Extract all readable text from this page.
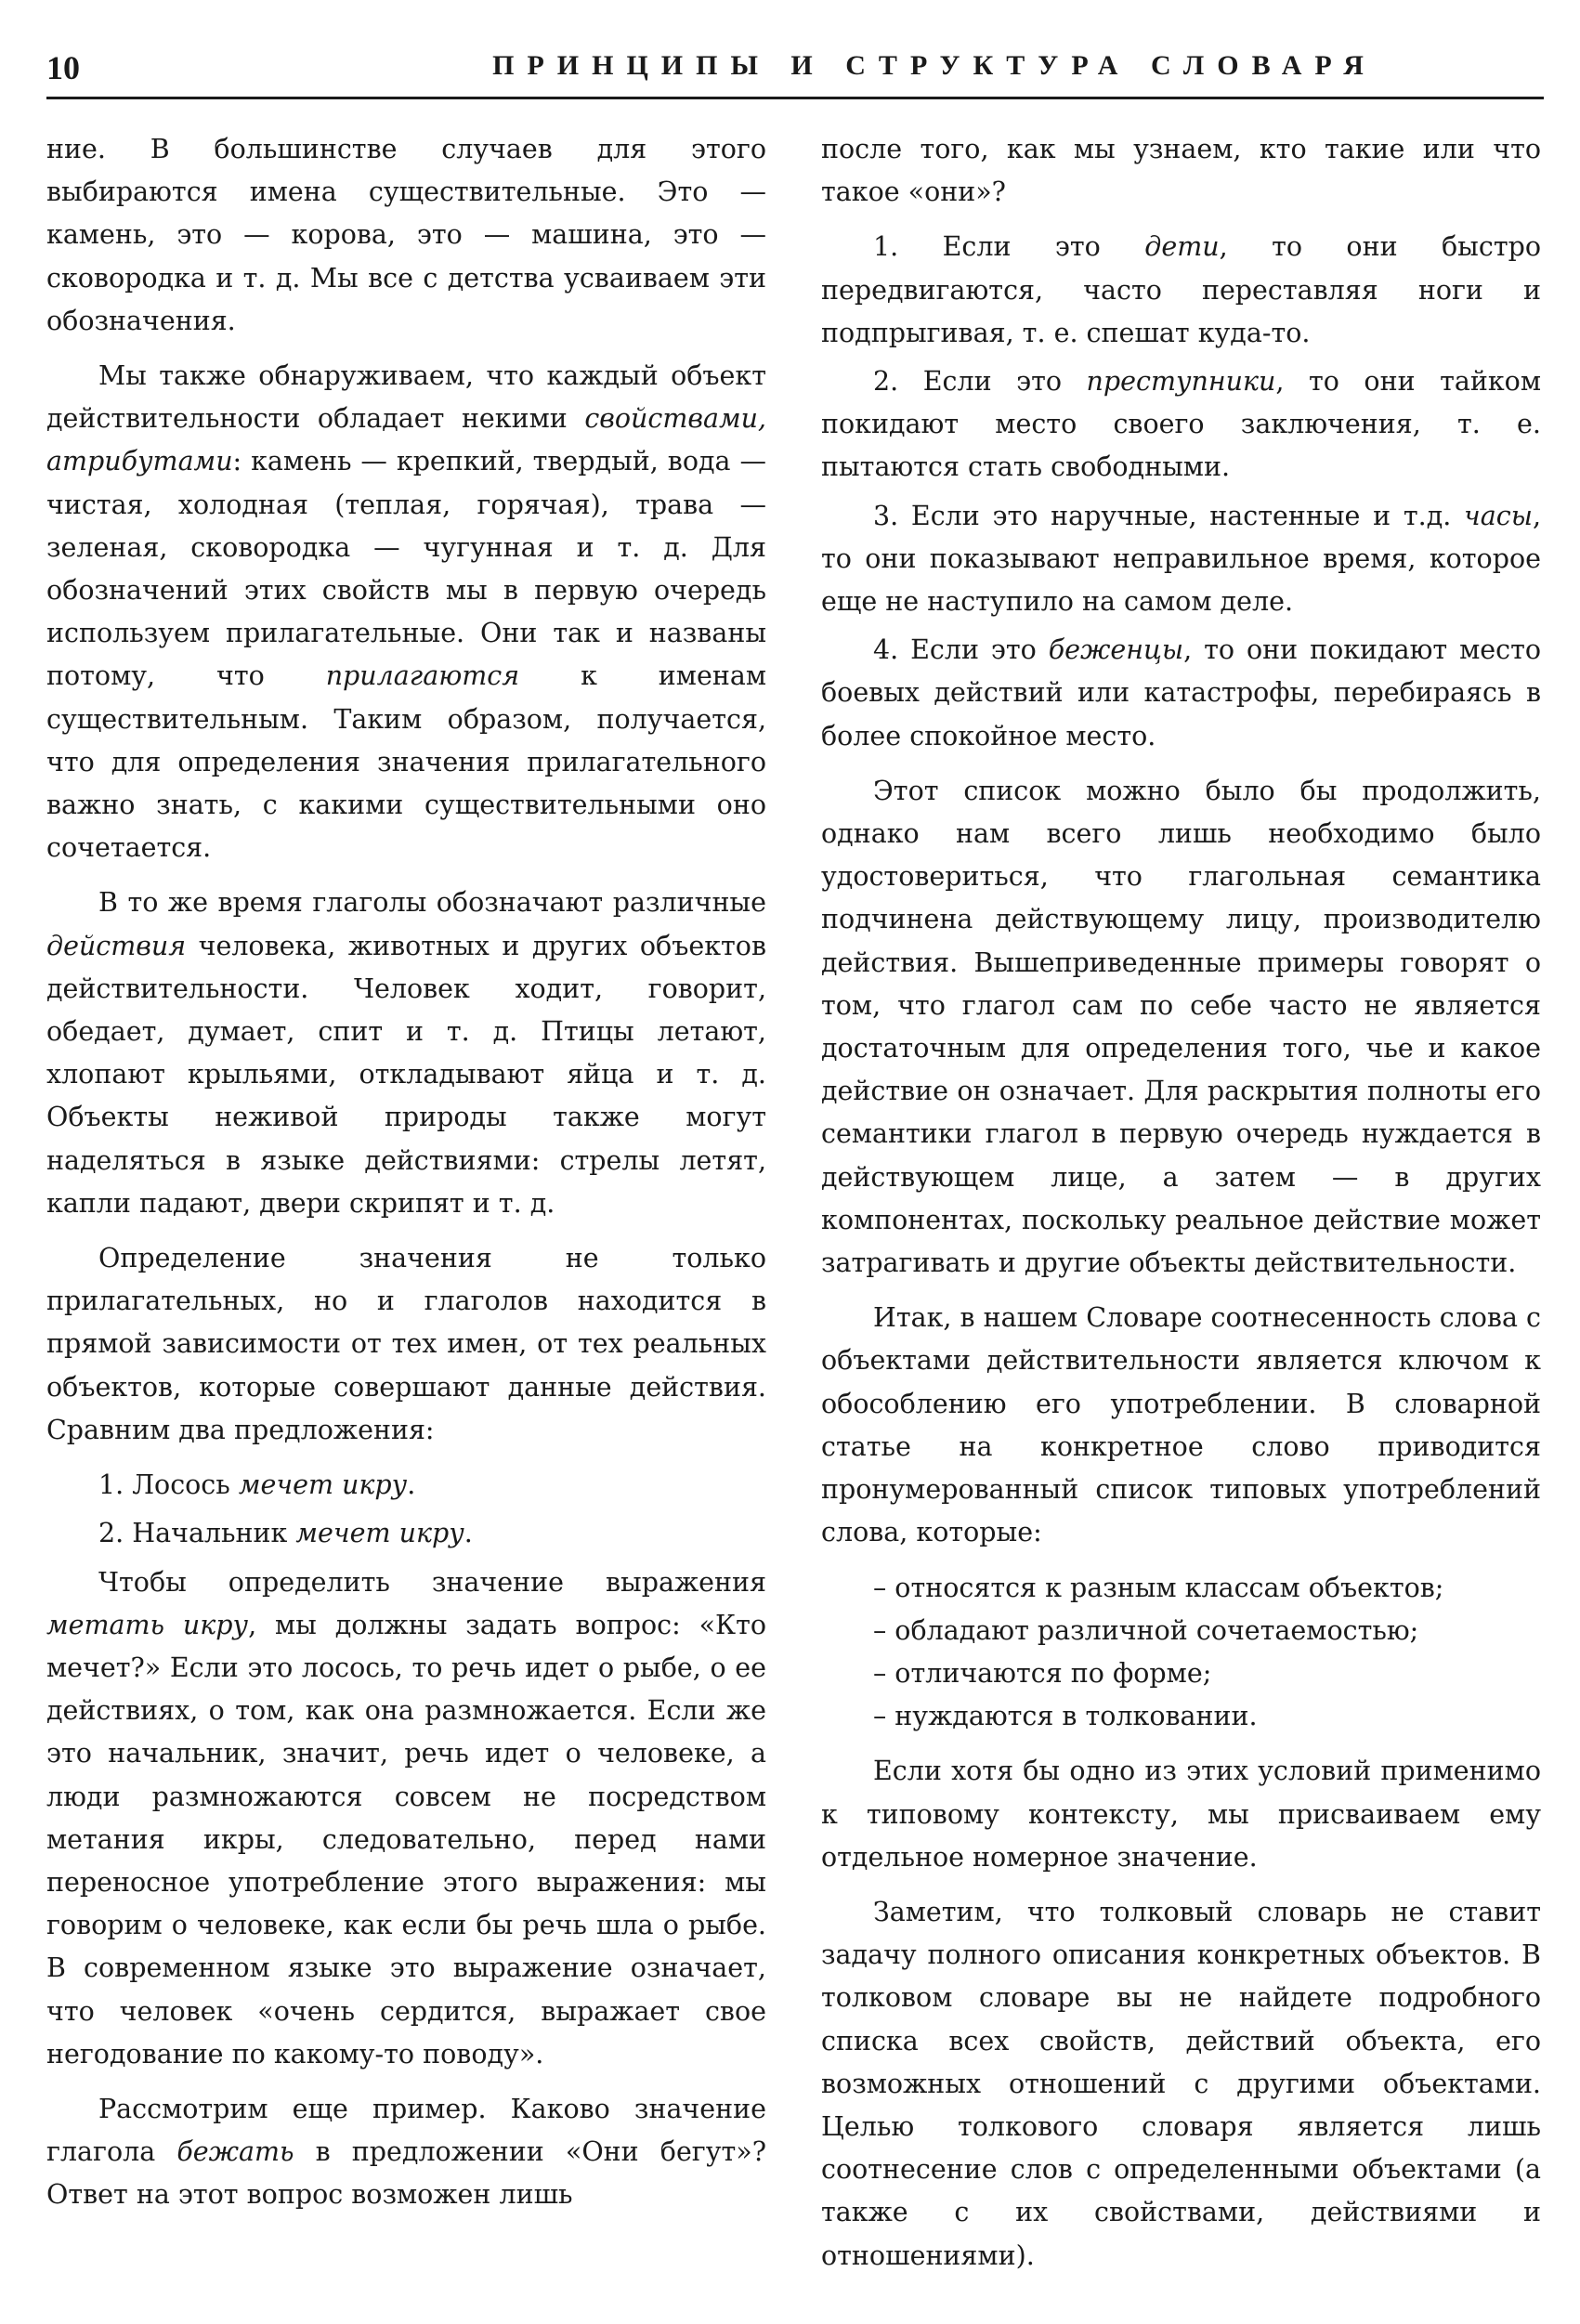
10	ПРИНЦИПЫ И СТРУКТУРА СЛОВАРЯ

ние. В большинстве случаев для этого выбираются имена существительные. Это — камень, это — корова, это — машина, это — сковородка и т. д. Мы все с детства усваиваем эти обозначения.

Мы также обнаруживаем, что каждый объект действительности обладает некими свойствами, атрибутами: камень — крепкий, твердый, вода — чистая, холодная (теплая, горячая), трава — зеленая, сковородка — чугунная и т. д. Для обозначений этих свойств мы в первую очередь используем прилагательные. Они так и названы потому, что прилагаются к именам существительным. Таким образом, получается, что для определения значения прилагательного важно знать, с какими существительными оно сочетается.

В то же время глаголы обозначают различные действия человека, животных и других объектов действительности. Человек ходит, говорит, обедает, думает, спит и т. д. Птицы летают, хлопают крыльями, откладывают яйца и т. д. Объекты неживой природы также могут наделяться в языке действиями: стрелы летят, капли падают, двери скрипят и т. д.

Определение значения не только прилагательных, но и глаголов находится в прямой зависимости от тех имен, от тех реальных объектов, которые совершают данные действия. Сравним два предложения:

1. Лосось мечет икру.

2. Начальник мечет икру.

Чтобы определить значение выражения метать икру, мы должны задать вопрос: «Кто мечет?» Если это лосось, то речь идет о рыбе, о ее действиях, о том, как она размножается. Если же это начальник, значит, речь идет о человеке, а люди размножаются совсем не посредством метания икры, следовательно, перед нами переносное употребление этого выражения: мы говорим о человеке, как если бы речь шла о рыбе. В современном языке это выражение означает, что человек «очень сердится, выражает свое негодование по какому-то поводу».

Рассмотрим еще пример. Каково значение глагола бежать в предложении «Они бегут»? Ответ на этот вопрос возможен лишь

после того, как мы узнаем, кто такие или что такое «они»?

1. Если это дети, то они быстро передвигаются, часто переставляя ноги и подпрыгивая, т. е. спешат куда-то.

2. Если это преступники, то они тайком покидают место своего заключения, т. е. пытаются стать свободными.

3. Если это наручные, настенные и т.д. часы, то они показывают неправильное время, которое еще не наступило на самом деле.

4. Если это беженцы, то они покидают место боевых действий или катастрофы, перебираясь в более спокойное место.

Этот список можно было бы продолжить, однако нам всего лишь необходимо было удостовериться, что глагольная семантика подчинена действующему лицу, производителю действия. Вышеприведенные примеры говорят о том, что глагол сам по себе часто не является достаточным для определения того, чье и какое действие он означает. Для раскрытия полноты его семантики глагол в первую очередь нуждается в действующем лице, а затем — в других компонентах, поскольку реальное действие может затрагивать и другие объекты действительности.

Итак, в нашем Словаре соотнесенность слова с объектами действительности является ключом к обособлению его употреблении. В словарной статье на конкретное слово приводится пронумерованный список типовых употреблений слова, которые:

– относятся к разным классам объектов;

– обладают различной сочетаемостью;

– отличаются по форме;

– нуждаются в толковании.

Если хотя бы одно из этих условий применимо к типовому контексту, мы присваиваем ему отдельное номерное значение.

Заметим, что толковый словарь не ставит задачу полного описания конкретных объектов. В толковом словаре вы не найдете подробного списка всех свойств, действий объекта, его возможных отношений с другими объектами. Целью толкового словаря является лишь соотнесение слов с определенными объектами (а также с их свойствами, действиями и отношениями).
